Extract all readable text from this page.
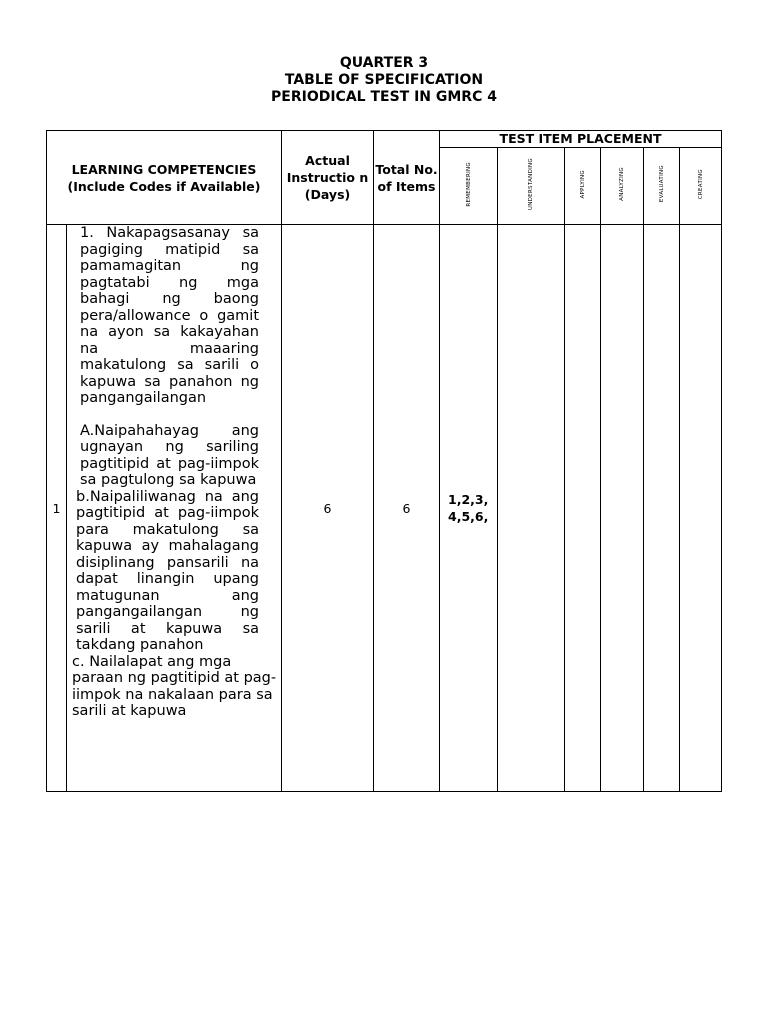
QUARTER 3
TABLE OF SPECIFICATION
PERIODICAL TEST IN GMRC 4
LEARNING COMPETENCIES (Include Codes if Available)		Actual Instructio n (Days)	Total No. of Items	TEST ITEM PLACEMENT					
				REMEMBERING	UNDERSTANDING	APPLYING	ANALYZING	EVALUATING	CREATING
1	1. Nakapagsasanay sa pagiging matipid sa pamamagitan ng pagtatabi ng mga bahagi ng baong pera/allowance o gamit na ayon sa kakayahan na maaaring makatulong sa sarili o kapuwa sa panahon ng pangangailangan
A.Naipahahayag ang ugnayan ng sariling pagtitipid at pag-iimpok sa pagtulong sa kapuwa
b.Naipaliliwanag na ang pagtitipid at pag-iimpok para makatulong sa kapuwa ay mahalagang disiplinang pansarili na dapat linangin upang matugunan ang pangangailangan ng sarili at kapuwa sa takdang panahon
c. Nailalapat ang mga paraan ng pagtitipid at pag-iimpok na nakalaan para sa sarili at kapuwa	6	6	1,2,3, 4,5,6,					
